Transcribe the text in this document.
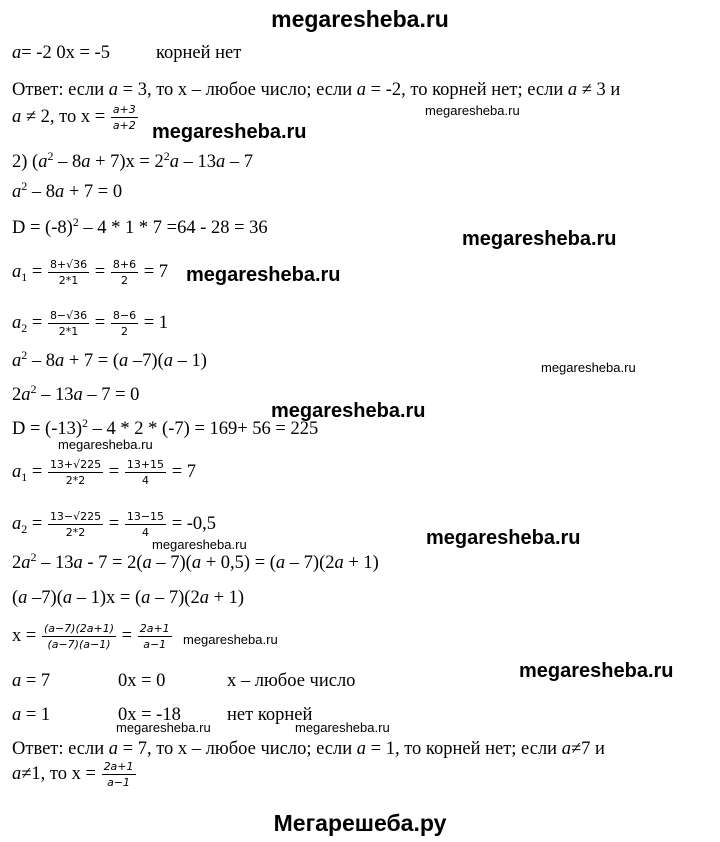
megaresheba.ru
a= -2 0x = -5 корней нет
Ответ: если a = 3, то x – любое число; если a = -2, то корней нет; если a ≠ 3 и
a ≠ 2, то $x = \frac{a+3}{a+2}$
2) $(a^2 - 8a + 7)x = 2^2a - 13a - 7$
$a^2 - 8a + 7 = 0$
$D = (-8)^2 - 4 * 1 * 7 =64 - 28 = 36$
$a_1 = \frac{8+√36}{2*1} = \frac{8+6}{2} = 7$
$a_2 = \frac{8-√36}{2*1} = \frac{8-6}{2} = 1$
$a^2 - 8a + 7 = (a$ –7)(a – 1)
$2a^2 - 13a - 7 = 0$
$D = (-13)^2 - 4 * 2 * (-7) = 169+ 56 = 225$
$a_1 = \frac{13+√225}{2*2} = \frac{13+15}{4} = 7$
$a_2 = \frac{13-√225}{2*2} = \frac{13-15}{4} = -0,5$
$2a^2 - 13a - 7 = 2(a - 7)(a + 0,5) = (a - 7)(2a + 1)$
(a –7)(a – 1)x = (a – 7)(2a + 1)
$x = \frac{(a-7)(2a+1)}{(a-7)(a-1)} = \frac{2a+1}{a-1}$
a = 7	0x = 0	x – любое число
a = 1	0x = -18 нет корней
Ответ: если a = 7, то x – любое число; если a = 1, то корней нет; если a≠7 и
a≠1, то $x = \frac{2a+1}{a-1}$
megaresheba.ru
megaresheba.ru
megaresheba.ru
megaresheba.ru
megaresheba.ru
megaresheba.ru
megaresheba.ru
megaresheba.ru
megaresheba.ru
megaresheba.ru
megaresheba.ru
megaresheba.ru	megaresheba.ru
Мегарешеба.ру
